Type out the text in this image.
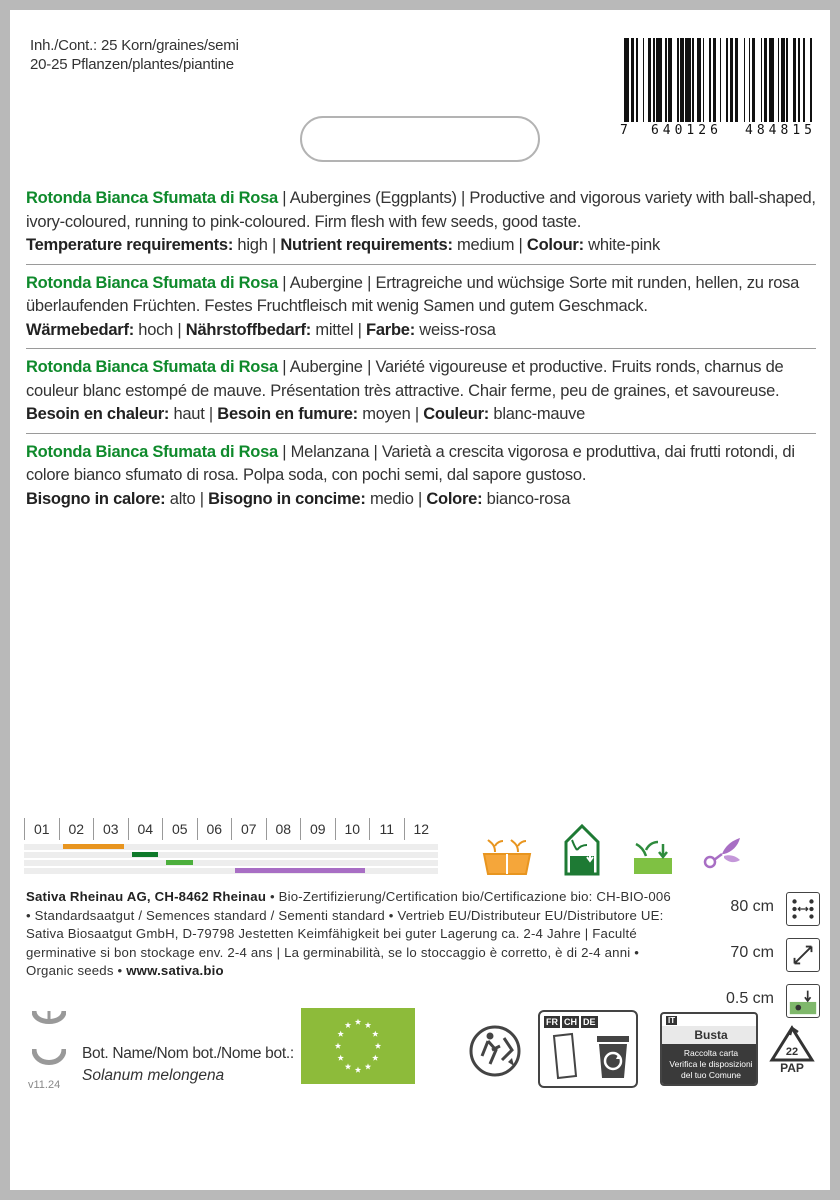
Inh./Cont.: 25 Korn/graines/semi
20-25 Pflanzen/plantes/piantine
7 640126 484815
Rotonda Bianca Sfumata di Rosa | Aubergines (Eggplants) | Productive and vigorous variety with ball-shaped, ivory-coloured, running to pink-coloured. Firm flesh with few seeds, good taste.
Temperature requirements: high | Nutrient requirements: medium | Colour: white-pink
Rotonda Bianca Sfumata di Rosa | Aubergine | Ertragreiche und wüchsige Sorte mit runden, hellen, zu rosa überlaufenden Früchten. Festes Fruchtfleisch mit wenig Samen und gutem Geschmack.
Wärmebedarf: hoch | Nährstoffbedarf: mittel | Farbe: weiss-rosa
Rotonda Bianca Sfumata di Rosa | Aubergine | Variété vigoureuse et productive. Fruits ronds, charnus de couleur blanc estompé de mauve. Présentation très attractive. Chair ferme, peu de graines, et savoureuse.
Besoin en chaleur: haut | Besoin en fumure: moyen | Couleur: blanc-mauve
Rotonda Bianca Sfumata di Rosa | Melanzana | Varietà a crescita vigorosa e produttiva, dai frutti rotondi, di colore bianco sfumato di rosa. Polpa soda, con pochi semi, dal sapore gustoso.
Bisogno in calore: alto | Bisogno in concime: medio | Colore: bianco-rosa
01	02	03	04	05	06	07	08	09	10	11	12
Sativa Rheinau AG, CH-8462 Rheinau • Bio-Zertifizierung/Certification bio/Certificazione bio: CH-BIO-006 • Standardsaatgut / Semences standard / Sementi standard • Vertrieb EU/Distributeur EU/Distributore UE: Sativa Biosaatgut GmbH, D-79798 Jestetten Keimfähigkeit bei guter Lagerung ca. 2-4 Jahre | Faculté germinative si bon stockage env. 2-4 ans | La germinabilità, se lo stoccaggio è corretto, è di 2-4 anni • Organic seeds • www.sativa.bio
80 cm
70 cm
0.5 cm
v11.24
Bot. Name/Nom bot./Nome bot.:
Solanum melongena
FR CH DE	IT
Busta
Raccolta carta
Verifica le disposizioni
del tuo Comune
22
PAP
